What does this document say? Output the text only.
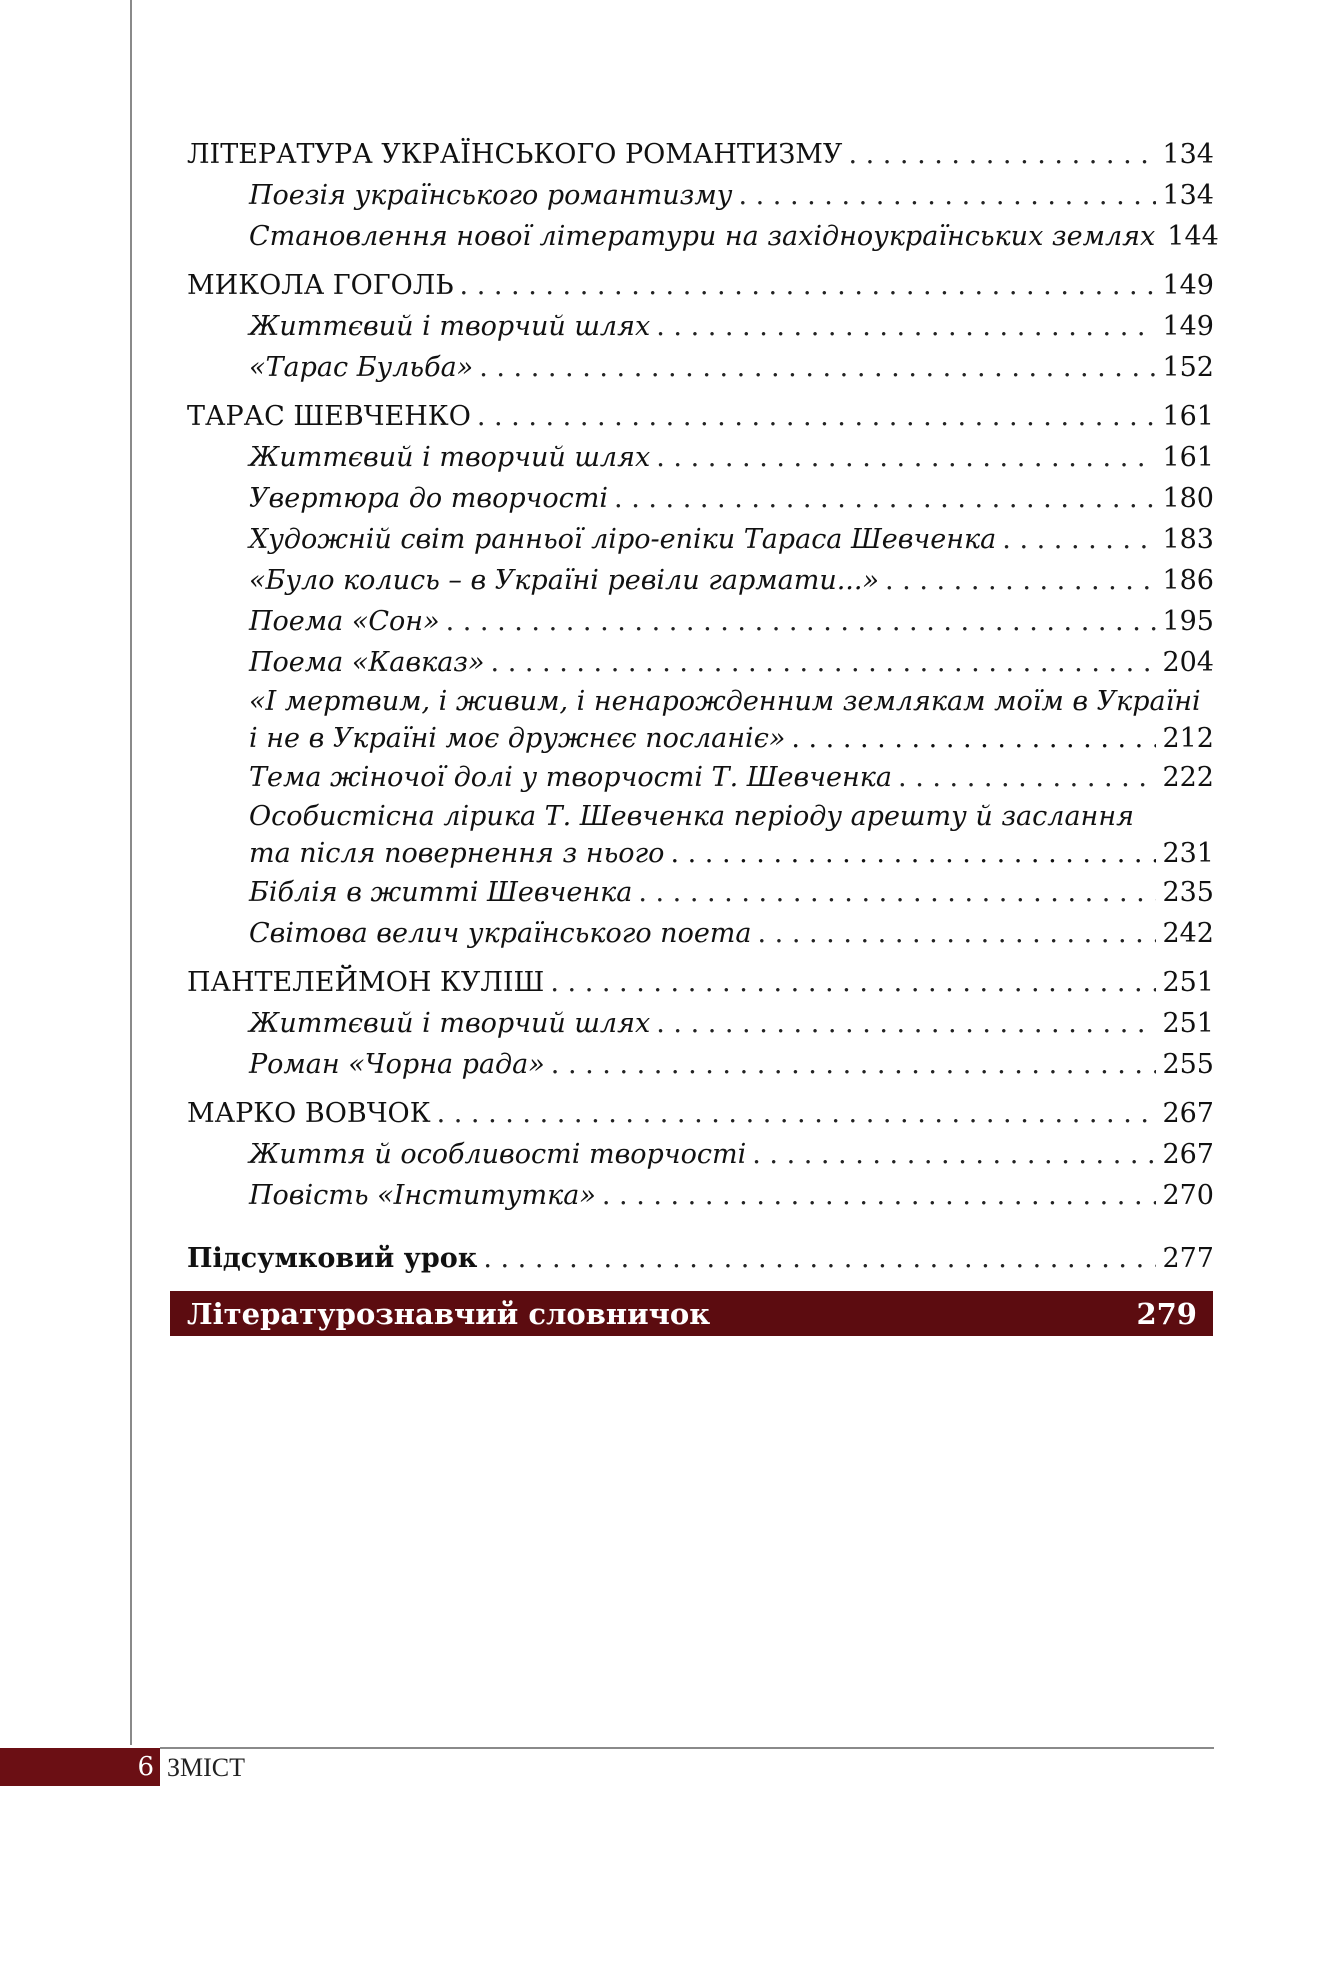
ЛІТЕРАТУРА УКРАЇНСЬКОГО РОМАНТИЗМУ . . .	134
Поезія українського романтизму . . .	134
Становлення нової літератури на західноукраїнських землях 144
МИКОЛА ГОГОЛЬ . . .	149
Життєвий і творчий шлях . . .	149
«Тарас Бульба» . . .	152
ТАРАС ШЕВЧЕНКО . . .	161
Життєвий і творчий шлях . . .	161
Увертюра до творчості . . .	180
Художній світ ранньої ліро-епіки Тараса Шевченка . . .	183
«Було колись – в Україні ревіли гармати...» . . .	186
Поема «Сон» . . .	195
Поема «Кавказ» . . .	204
«І мертвим, і живим, і ненарожденним землякам моїм в Україні
і не в Україні моє дружнєє посланіє» . . .	212
Тема жіночої долі у творчості Т. Шевченка . . .	222
Особистісна лірика Т. Шевченка періоду арешту й заслання
та після повернення з нього . . .	231
Біблія в житті Шевченка . . .	235
Світова велич українського поета . . .	242
ПАНТЕЛЕЙМОН КУЛІШ . . .	251
Життєвий і творчий шлях . . .	251
Роман «Чорна рада» . . .	255
МАРКО ВОВЧОК . . .	267
Життя й особливості творчості . . .	267
Повість «Інститутка» . . .	270
Підсумковий урок . . .	277
Літературознавчий словничок	279
6 ЗМІСТ
